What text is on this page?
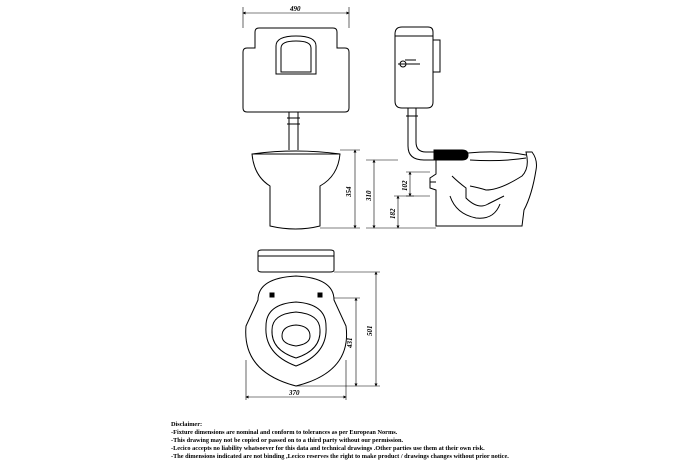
490
354 310
182
102
370
431
501
Disclaimer:
-Fixture dimensions are nominal and conform to tolerances as per European Norms.
-This drawing may not be copied or passed on to a third party without our permission.
-Lecico accepts no liability whatsoever for this data and technical drawings .Other parties use them at their own risk.
-The dimensions indicated are not binding ,Lecico reserves the right to make product / drawings changes without prior notice.
